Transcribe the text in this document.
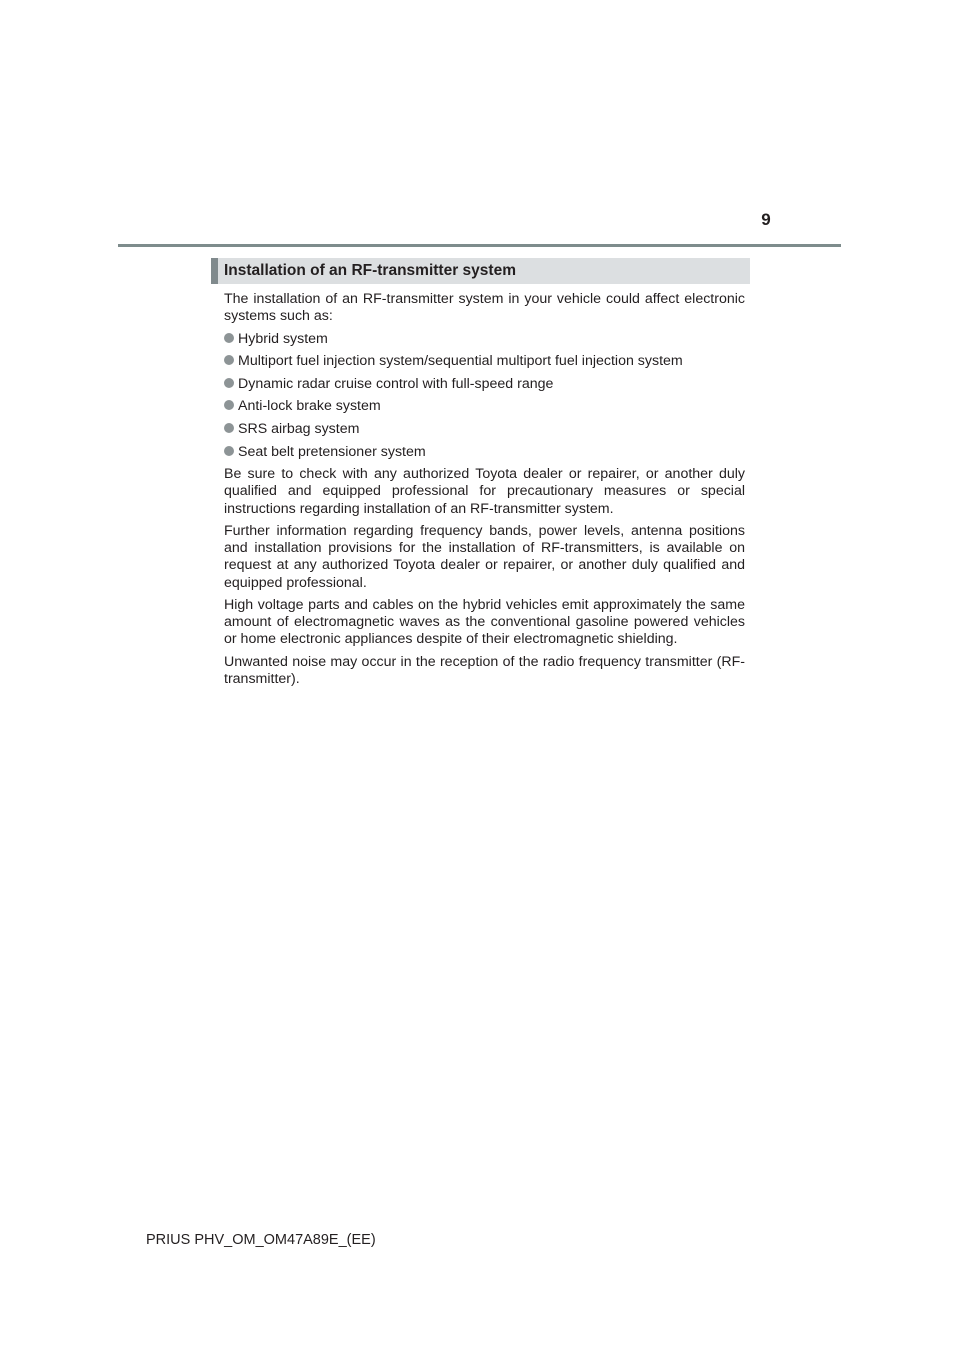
9
Installation of an RF-transmitter system

The installation of an RF-transmitter system in your vehicle could affect electronic systems such as:

Hybrid system
Multiport fuel injection system/sequential multiport fuel injection system
Dynamic radar cruise control with full-speed range
Anti-lock brake system
SRS airbag system
Seat belt pretensioner system

Be sure to check with any authorized Toyota dealer or repairer, or another duly qualified and equipped professional for precautionary measures or special instructions regarding installation of an RF-transmitter system.

Further information regarding frequency bands, power levels, antenna positions and installation provisions for the installation of RF-transmitters, is available on request at any authorized Toyota dealer or repairer, or another duly qualified and equipped professional.

High voltage parts and cables on the hybrid vehicles emit approximately the same amount of electromagnetic waves as the conventional gasoline powered vehicles or home electronic appliances despite of their electromagnetic shielding.

Unwanted noise may occur in the reception of the radio frequency transmitter (RF-transmitter).

PRIUS PHV_OM_OM47A89E_(EE)
